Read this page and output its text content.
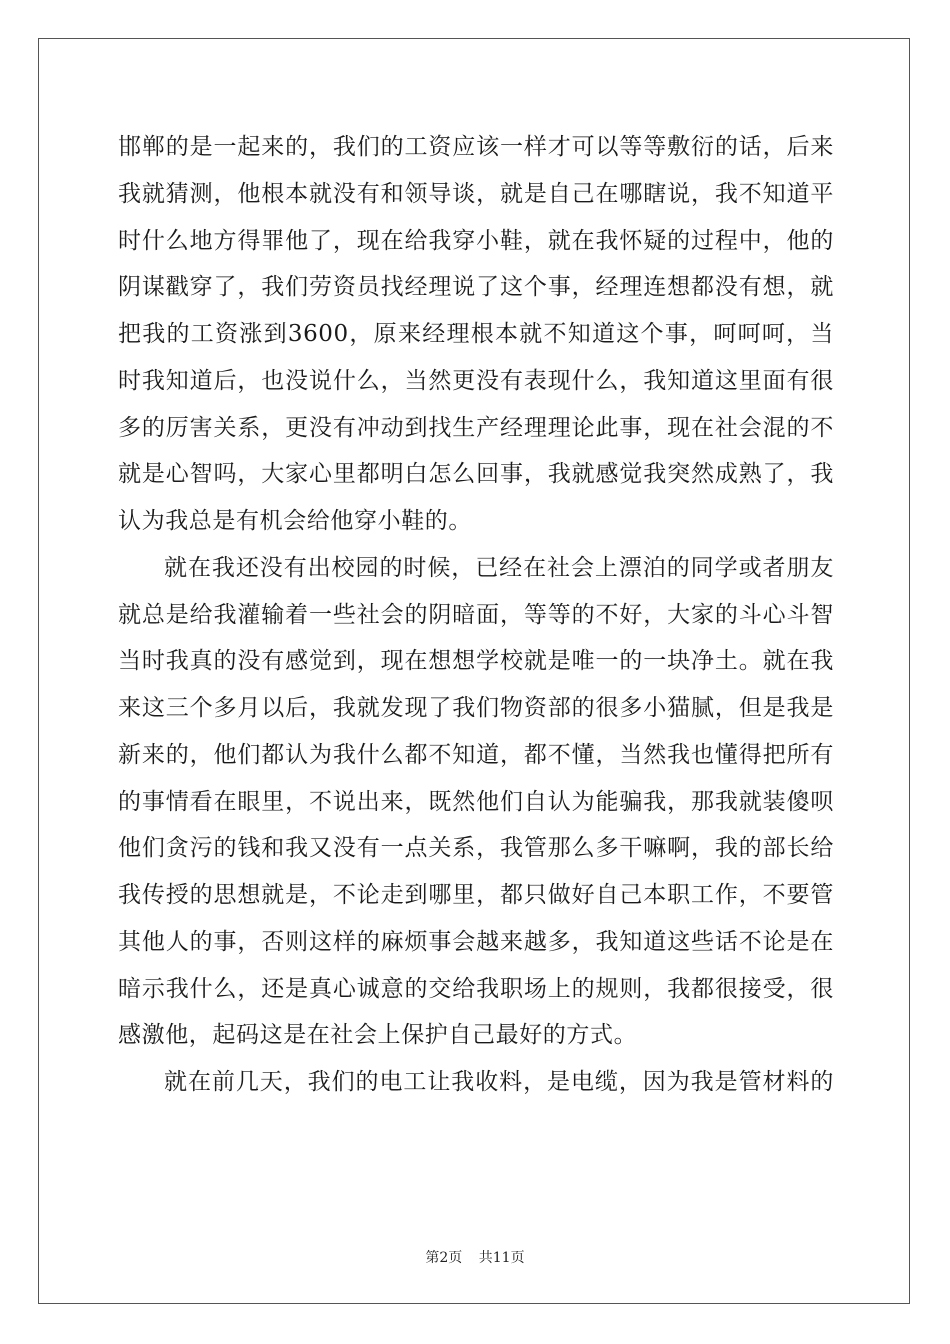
邯郸的是一起来的，我们的工资应该一样才可以等等敷衍的话，后来
我就猜测，他根本就没有和领导谈，就是自己在哪瞎说，我不知道平
时什么地方得罪他了，现在给我穿小鞋，就在我怀疑的过程中，他的
阴谋戳穿了，我们劳资员找经理说了这个事，经理连想都没有想，就
把我的工资涨到3600，原来经理根本就不知道这个事，呵呵呵，当
时我知道后，也没说什么，当然更没有表现什么，我知道这里面有很
多的厉害关系，更没有冲动到找生产经理理论此事，现在社会混的不
就是心智吗，大家心里都明白怎么回事，我就感觉我突然成熟了，我
认为我总是有机会给他穿小鞋的。
就在我还没有出校园的时候，已经在社会上漂泊的同学或者朋友
就总是给我灌输着一些社会的阴暗面，等等的不好，大家的斗心斗智
当时我真的没有感觉到，现在想想学校就是唯一的一块净土。就在我
来这三个多月以后，我就发现了我们物资部的很多小猫腻，但是我是
新来的，他们都认为我什么都不知道，都不懂，当然我也懂得把所有
的事情看在眼里，不说出来，既然他们自认为能骗我，那我就装傻呗
他们贪污的钱和我又没有一点关系，我管那么多干嘛啊，我的部长给
我传授的思想就是，不论走到哪里，都只做好自己本职工作，不要管
其他人的事，否则这样的麻烦事会越来越多，我知道这些话不论是在
暗示我什么，还是真心诚意的交给我职场上的规则，我都很接受，很
感激他，起码这是在社会上保护自己最好的方式。
就在前几天，我们的电工让我收料，是电缆，因为我是管材料的
第2页 共11页
